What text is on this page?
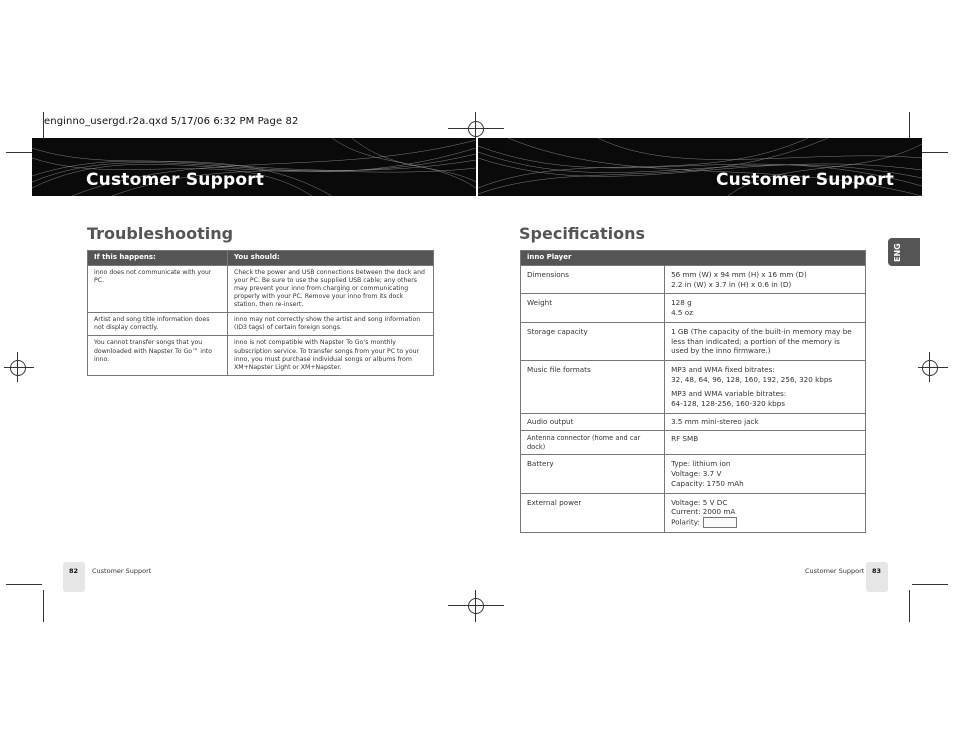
enginno_usergd.r2a.qxd 5/17/06 6:32 PM Page 82
Customer Support	Customer Support
Troubleshooting
If this happens:	You should:
inno does not communicate with your PC.	Check the power and USB connections between the dock and your PC. Be sure to use the supplied USB cable; any others may prevent your inno from charging or communicating properly with your PC. Remove your inno from its dock station, then re-insert.
Artist and song title information does not display correctly.	inno may not correctly show the artist and song information (ID3 tags) of certain foreign songs.
You cannot transfer songs that you downloaded with Napster To Go™ into inno.	inno is not compatible with Napster To Go’s monthly subscription service. To transfer songs from your PC to your inno, you must purchase individual songs or albums from XM+Napster Light or XM+Napster.
Specifications
ENG
inno Player	
Dimensions	56 mm (W) x 94 mm (H) x 16 mm (D)
2.2 in (W) x 3.7 in (H) x 0.6 in (D)

Weight	128 g
4.5 oz

Storage capacity	1 GB (The capacity of the built-in memory may be less than indicated; a portion of the memory is used by the inno firmware.)
Music file formats	MP3 and WMA fixed bitrates:
32, 48, 64, 96, 128, 160, 192, 256, 320 kbps
MP3 and WMA variable bitrates:
64-128, 128-256, 160-320 kbps

Audio output	3.5 mm mini-stereo jack
Antenna connector (home and car dock)	RF SMB
Battery	Type: lithium ion
Voltage: 3.7 V
Capacity: 1750 mAh

External power	Voltage: 5 V DC
Current: 2000 mA
Polarity:
82 Customer Support	83
Customer Support
